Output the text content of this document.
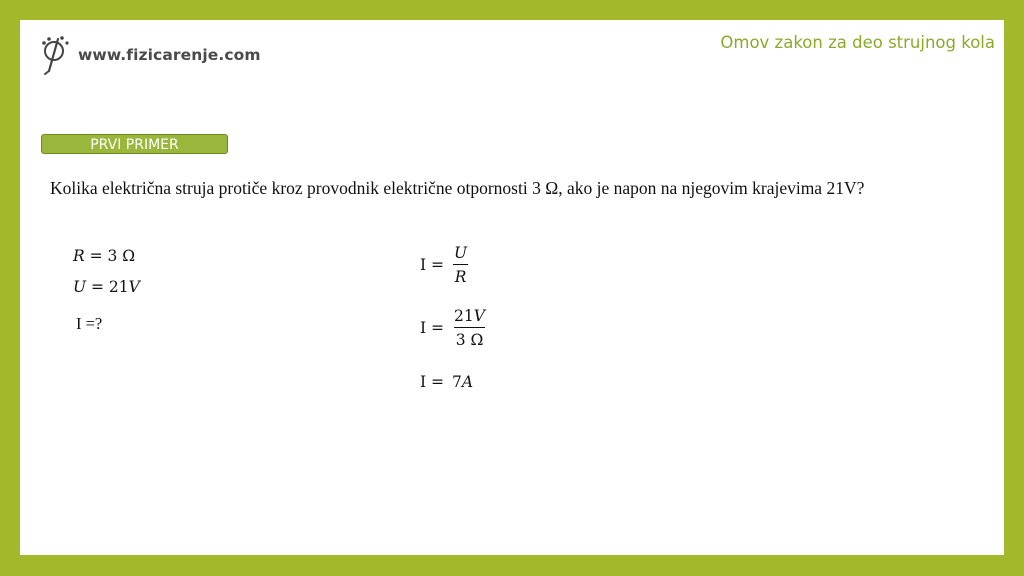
www.fizicarenje.com
Omov zakon za deo strujnog kola
PRVI PRIMER
Kolika električna struja protiče kroz provodnik električne otpornosti 3 Ω, ako je napon na njegovim krajevima 21V?
R = 3 Ω
U = 21V
I =?
$I = \frac{U}{R}$
$I = \frac{21V}{3 \Omega}$
I = 7 A
